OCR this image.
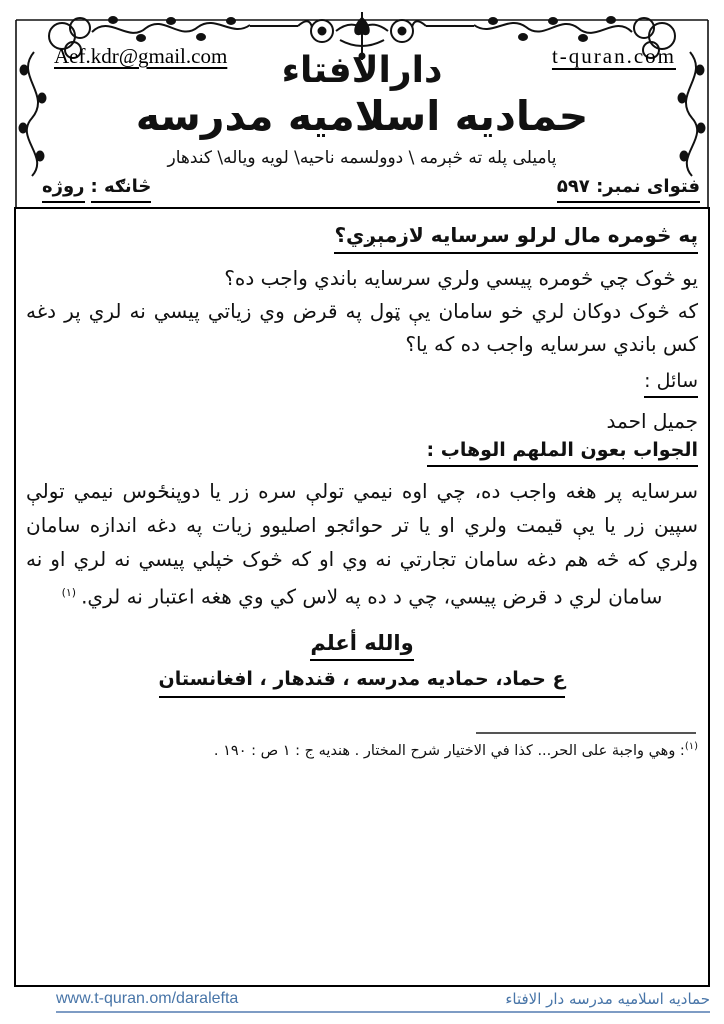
Aef.kdr@gmail.com	t-quran.com
دارالافتاء
حمادیه اسلامیه مدرسه
پامیلی پله ته څېرمه \ دوولسمه ناحیه\ لویه ویاله\ کندهار
څانګه :روژه	فتوای نمبر: ۵۹۷
په څومره مال لرلو سرسایه لازمېږي؟
یو څوک چي څومره پیسي ولري سرسایه باندي واجب ده؟

که څوک دوکان لري خو سامان یې ټول په قرض وي زیاتي پیسي نه لري پر دغه کس باندي سرسایه واجب ده که یا؟

سائل :
جمیل احمد
الجواب بعون الملهم الوهاب :

سرسایه پر هغه واجب ده، چي اوه نیمي تولې سره زر یا دوپنځوس نیمي تولې سپین زر یا یې قیمت ولري او یا تر حوائجو اصلیوو زیات په دغه اندازه سامان ولري که څه هم دغه سامان تجارتي نه وي او که څوک خپلي پیسي نه لري او نه سامان لري د قرض پیسي، چي د ده په لاس کي وي هغه اعتبار نه لري.$^{(١)}$

والله أعلم
ع حماد، حمادیه مدرسه ، قندهار ، افغانستان
$^{(١)}$: وهي واجبة علی الحر... کذا في الاختیار شرح المختار . هندیه ج : ١ ص : ١٩٠ .
www.t-quran.om/daralefta	حمادیه اسلامیه مدرسه دار الافتاء
